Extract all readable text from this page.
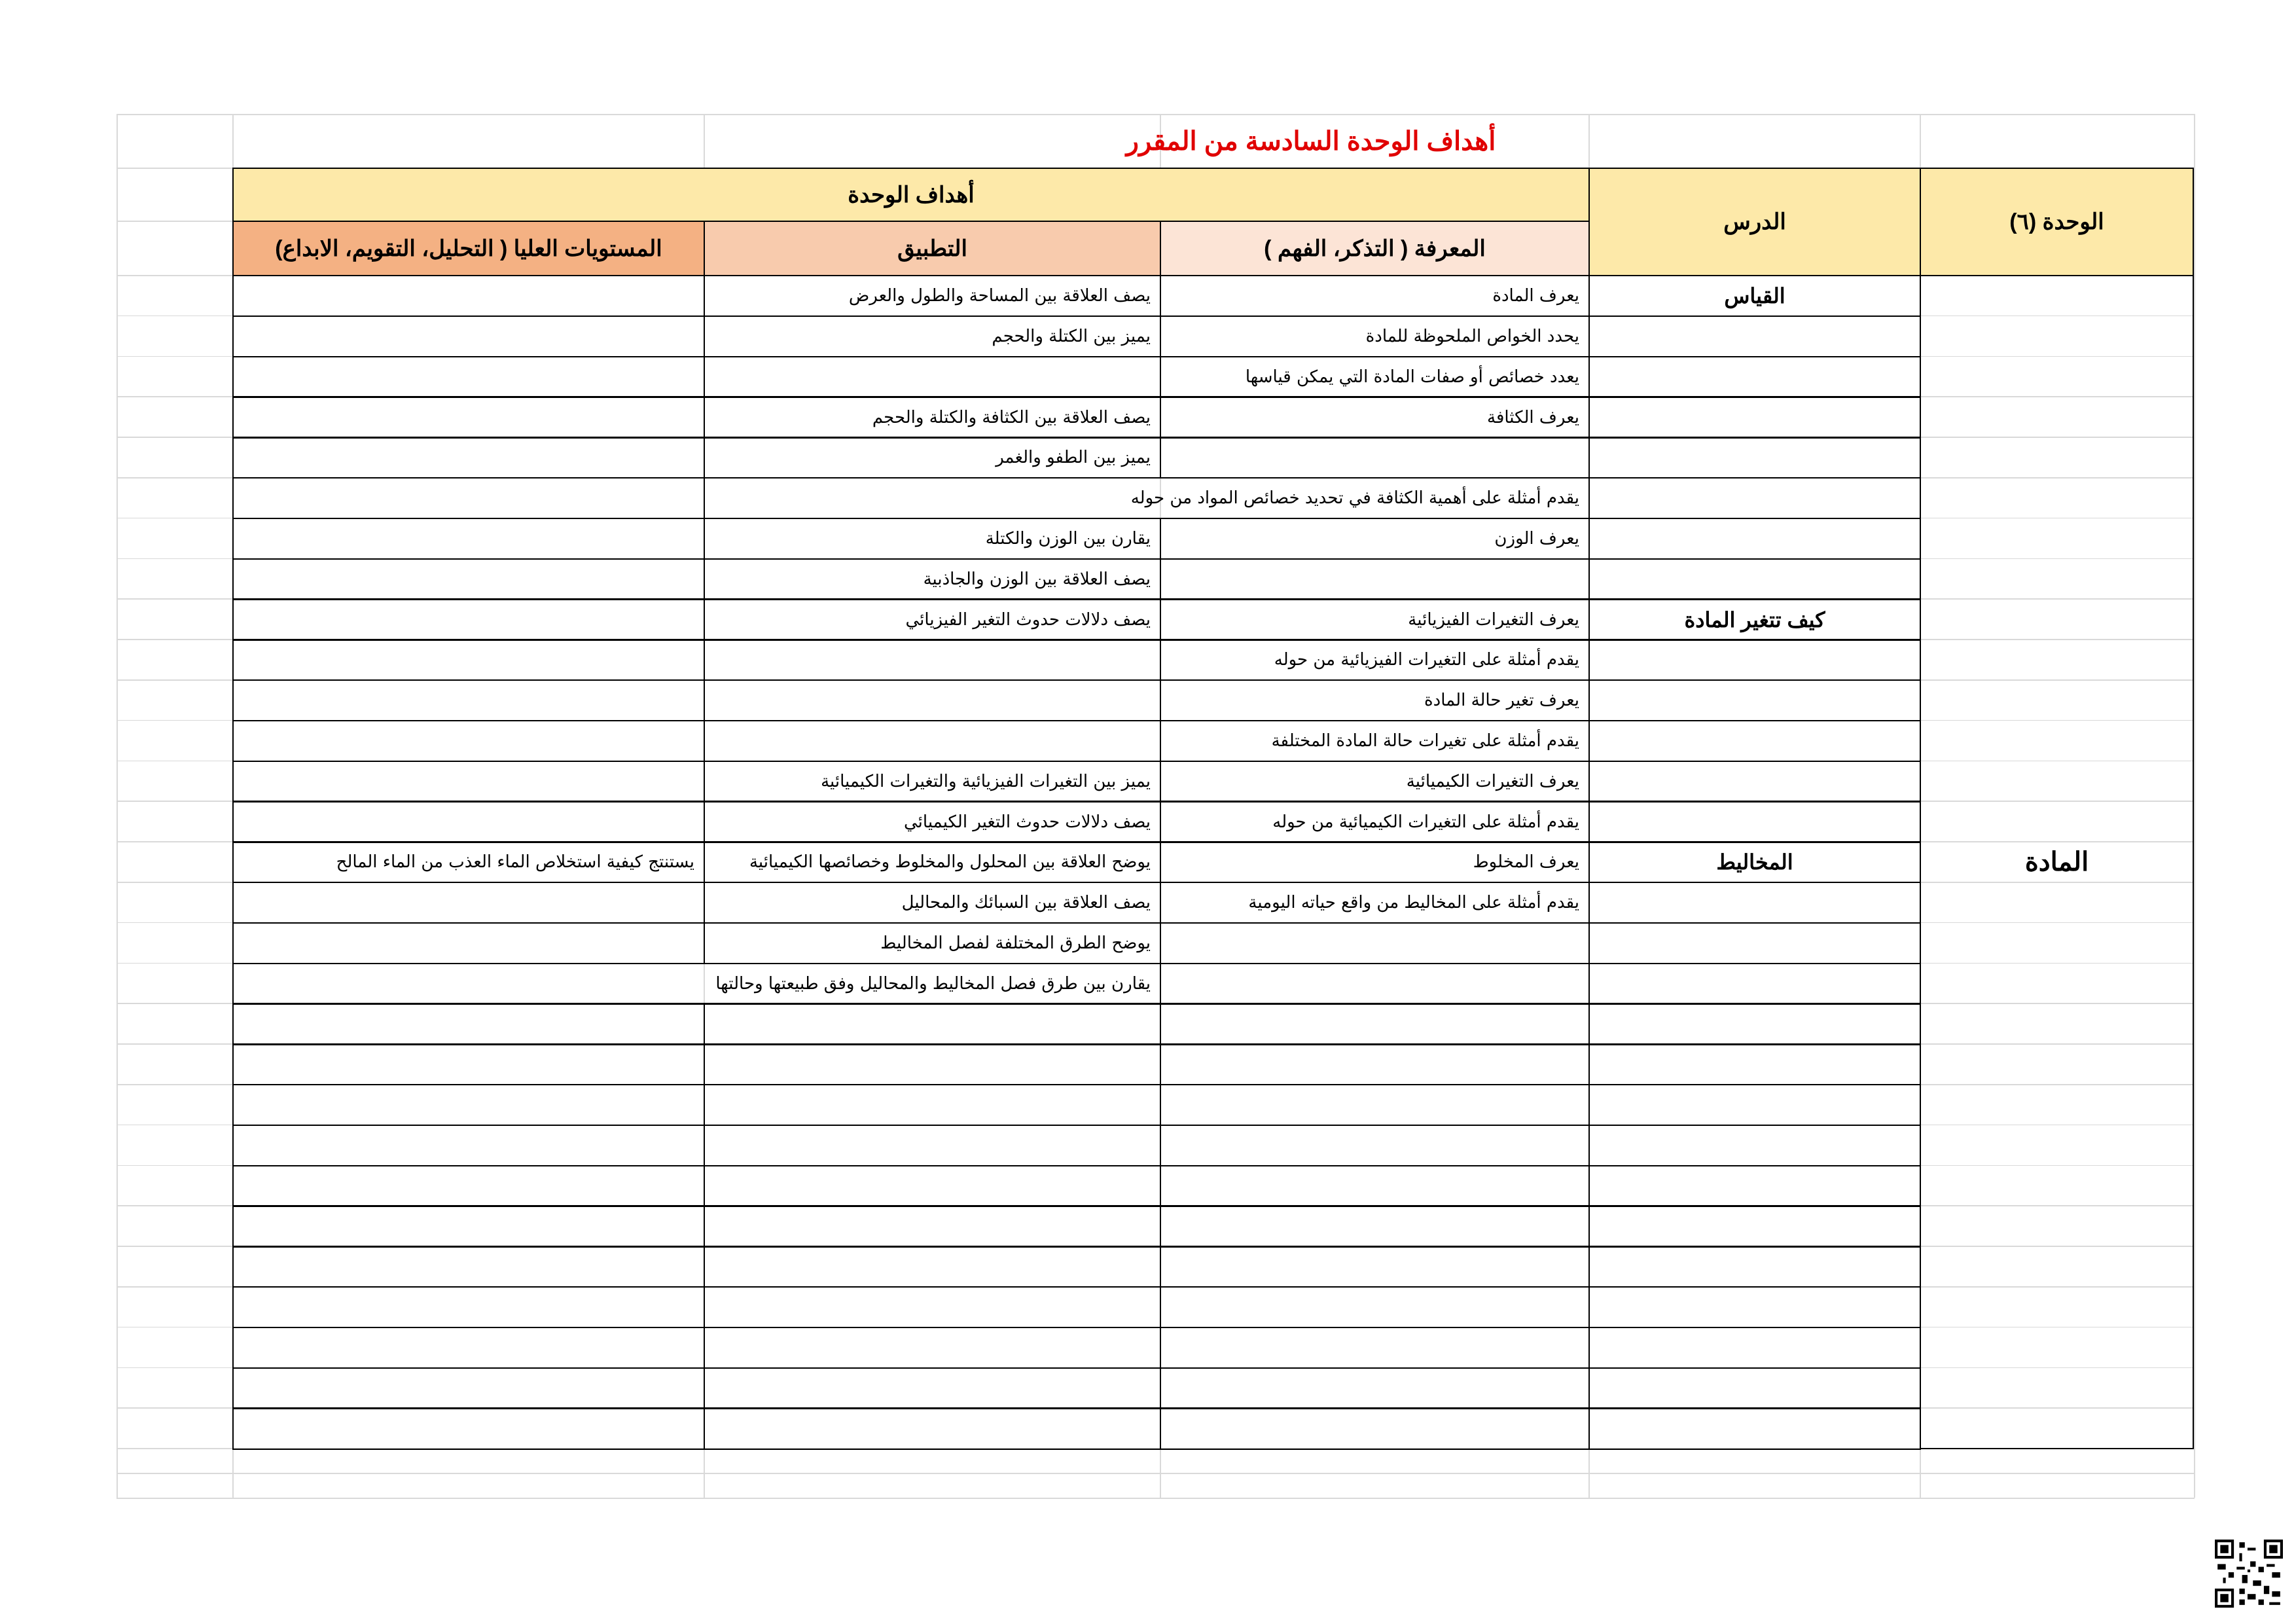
الوحدة (٦)
الدرس
أهداف الوحدة
المعرفة ( التذكر، الفهم )
التطبيق
المستويات العليا ( التحليل، التقويم، الابداع)
المادة
القياس
يعرف المادة
يصف العلاقة بين المساحة والطول والعرض
يحدد الخواص الملحوظة للمادة
يميز بين الكتلة والحجم
يعدد خصائص أو صفات المادة التي يمكن قياسها
يعرف الكثافة
يصف العلاقة بين الكثافة والكتلة والحجم
يميز بين الطفو والغمر
يقدم أمثلة على أهمية الكثافة في تحديد خصائص المواد من حوله
يعرف الوزن
يقارن بين الوزن والكتلة
يصف العلاقة بين الوزن والجاذبية
كيف تتغير المادة
يعرف التغيرات الفيزيائية
يصف دلالات حدوث التغير الفيزيائي
يقدم أمثلة على التغيرات الفيزيائية من حوله
يعرف تغير حالة المادة
يقدم أمثلة على تغيرات حالة المادة المختلفة
يعرف التغيرات الكيميائية
يميز بين التغيرات الفيزيائية والتغيرات الكيميائية
يقدم أمثلة على التغيرات الكيميائية من حوله
يصف دلالات حدوث التغير الكيميائي
المخاليط
يعرف المخلوط
يوضح العلاقة بين المحلول والمخلوط وخصائصها الكيميائية
يستنتج كيفية استخلاص الماء العذب من الماء المالح
يقدم أمثلة على المخاليط من واقع حياته اليومية
يصف العلاقة بين السبائك والمحاليل
يوضح الطرق المختلفة لفصل المخاليط
يقارن بين طرق فصل المخاليط والمحاليل وفق طبيعتها وحالتها
أهداف الوحدة السادسة من المقرر
